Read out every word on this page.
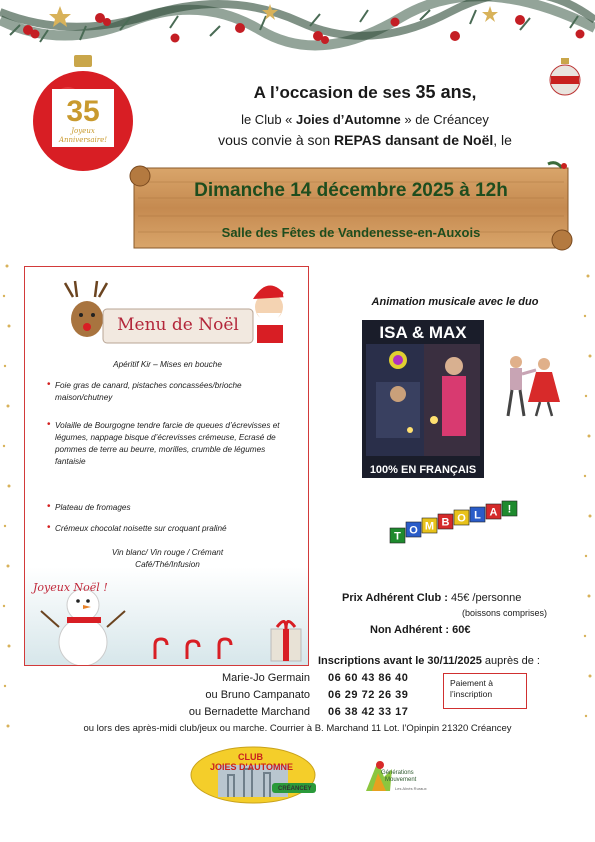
35
Joyeux
Anniversaire!
A l’occasion de ses 35 ans,
le Club « Joies d’Automne » de Créancey
vous convie à son REPAS dansant de Noël, le
Dimanche 14 décembre 2025 à 12h
Salle des Fêtes de Vandenesse-en-Auxois
Menu de Noël
Apéritif Kir – Mises en bouche
• Foie gras de canard, pistaches concassées/brioche maison/chutney
• Volaille de Bourgogne tendre farcie de queues d’écrevisses et légumes, nappage bisque d’écrevisses crémeuse, Ecrasé de pommes de terre au beurre, morilles, crumble de légumes fantaisie
• Plateau de fromages
• Crémeux chocolat noisette sur croquant praliné
Vin blanc/ Vin rouge / Crémant
Café/Thé/Infusion
Joyeux Noël !
Animation musicale avec le duo
ISA & MAX
100% EN FRANÇAIS
T O M B O L A !
Prix Adhérent Club : 45€ /personne
(boissons comprises)
Non Adhérent : 60€
Inscriptions avant le 30/11/2025 auprès de :
Marie-Jo Germain 06 60 43 86 40
ou Bruno Campanato 06 29 72 26 39
ou Bernadette Marchand 06 38 42 33 17
Paiement à
l’inscription
ou lors des après-midi club/jeux ou marche. Courrier à B. Marchand 11 Lot. l’Opinpin 21320 Créancey
CLUB
JOIES D'AUTOMNE
CRÉANCEY
Générations
Mouvement
Les Aînés Ruraux
